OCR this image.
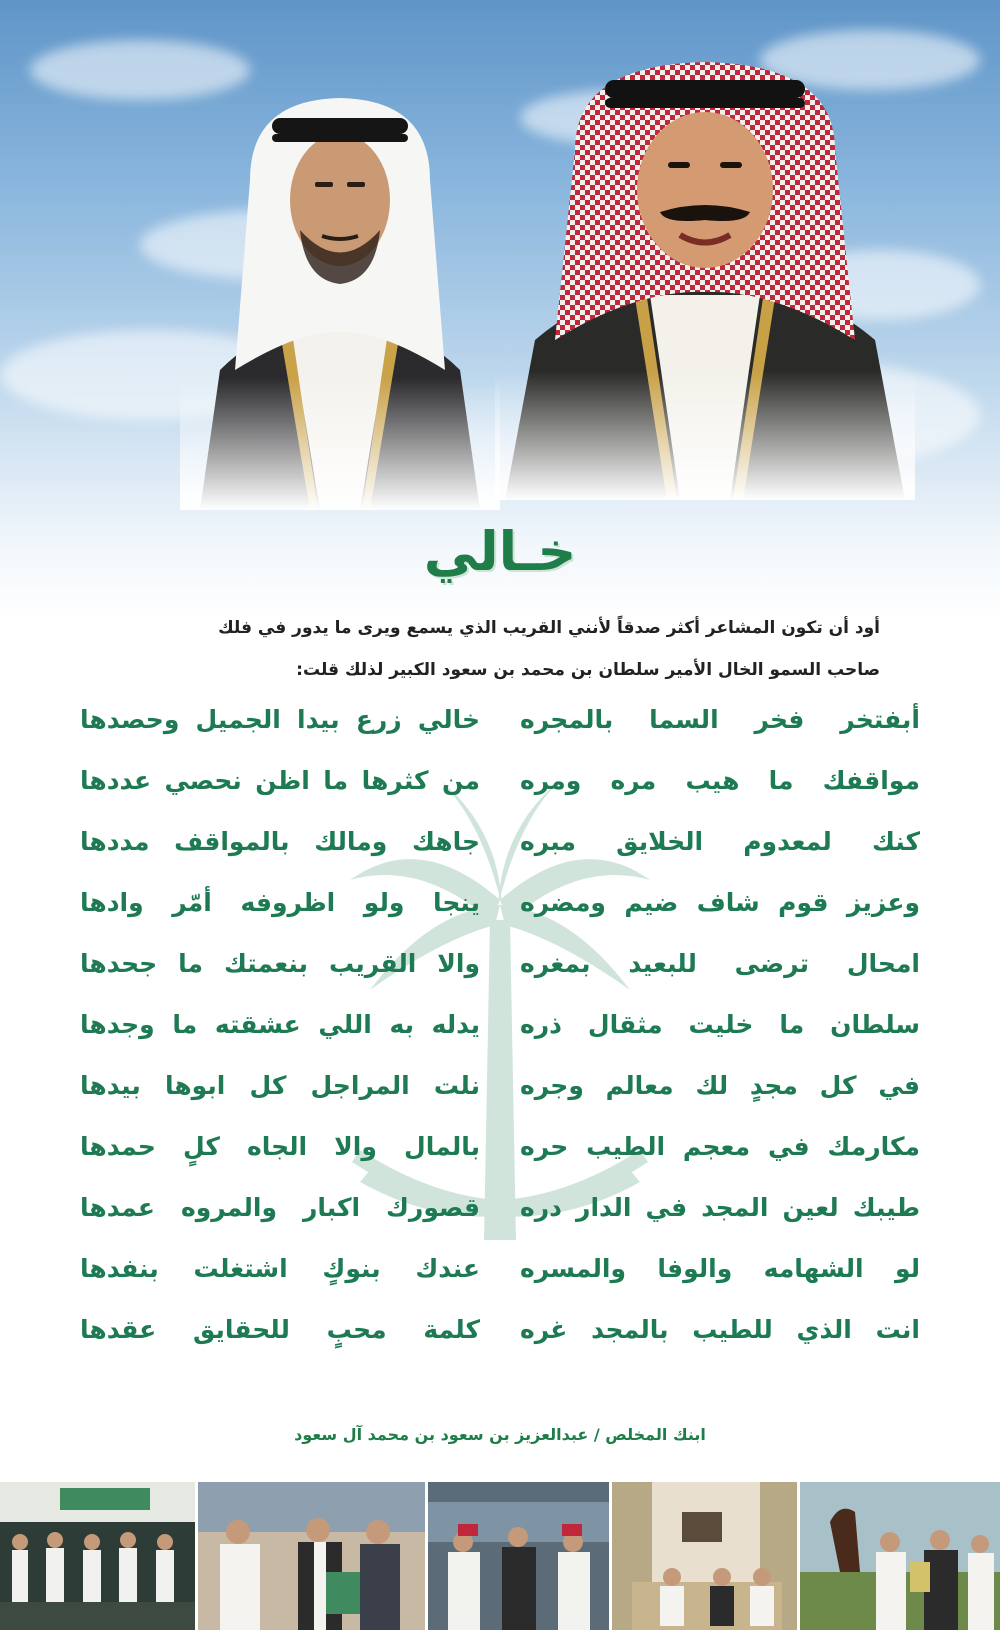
خـالي
أود أن تكون المشاعر أكثر صدقاً لأنني القريب الذي يسمع ويرى ما يدور في فلك
صاحب السمو الخال الأمير سلطان بن محمد بن سعود الكبير لذلك قلت:
أبفتخر فخر السما بالمجره
خالي زرع بيدا الجميل وحصدها
مواقفك ما هيب مره ومره
من كثرها ما اظن نحصي عددها
كنك لمعدوم الخلايق مبره
جاهك ومالك بالمواقف مددها
وعزيز قوم شاف ضيم ومضره
ينجا ولو اظروفه أمّر وادها
امحال ترضى للبعيد بمغره
والا القريب بنعمتك ما جحدها
سلطان ما خليت مثقال ذره
يدله به اللي عشقته ما وجدها
في كل مجدٍ لك معالم وجره
نلت المراجل كل ابوها بيدها
مكارمك في معجم الطيب حره
بالمال والا الجاه كلٍ حمدها
طيبك لعين المجد في الدار دره
قصورك اكبار والمروه عمدها
لو الشهامه والوفا والمسره
عندك بنوكٍ اشتغلت بنفدها
انت الذي للطيب بالمجد غره
كلمة محبٍ للحقايق عقدها
ابنك المخلص / عبدالعزيز بن سعود بن محمد آل سعود
